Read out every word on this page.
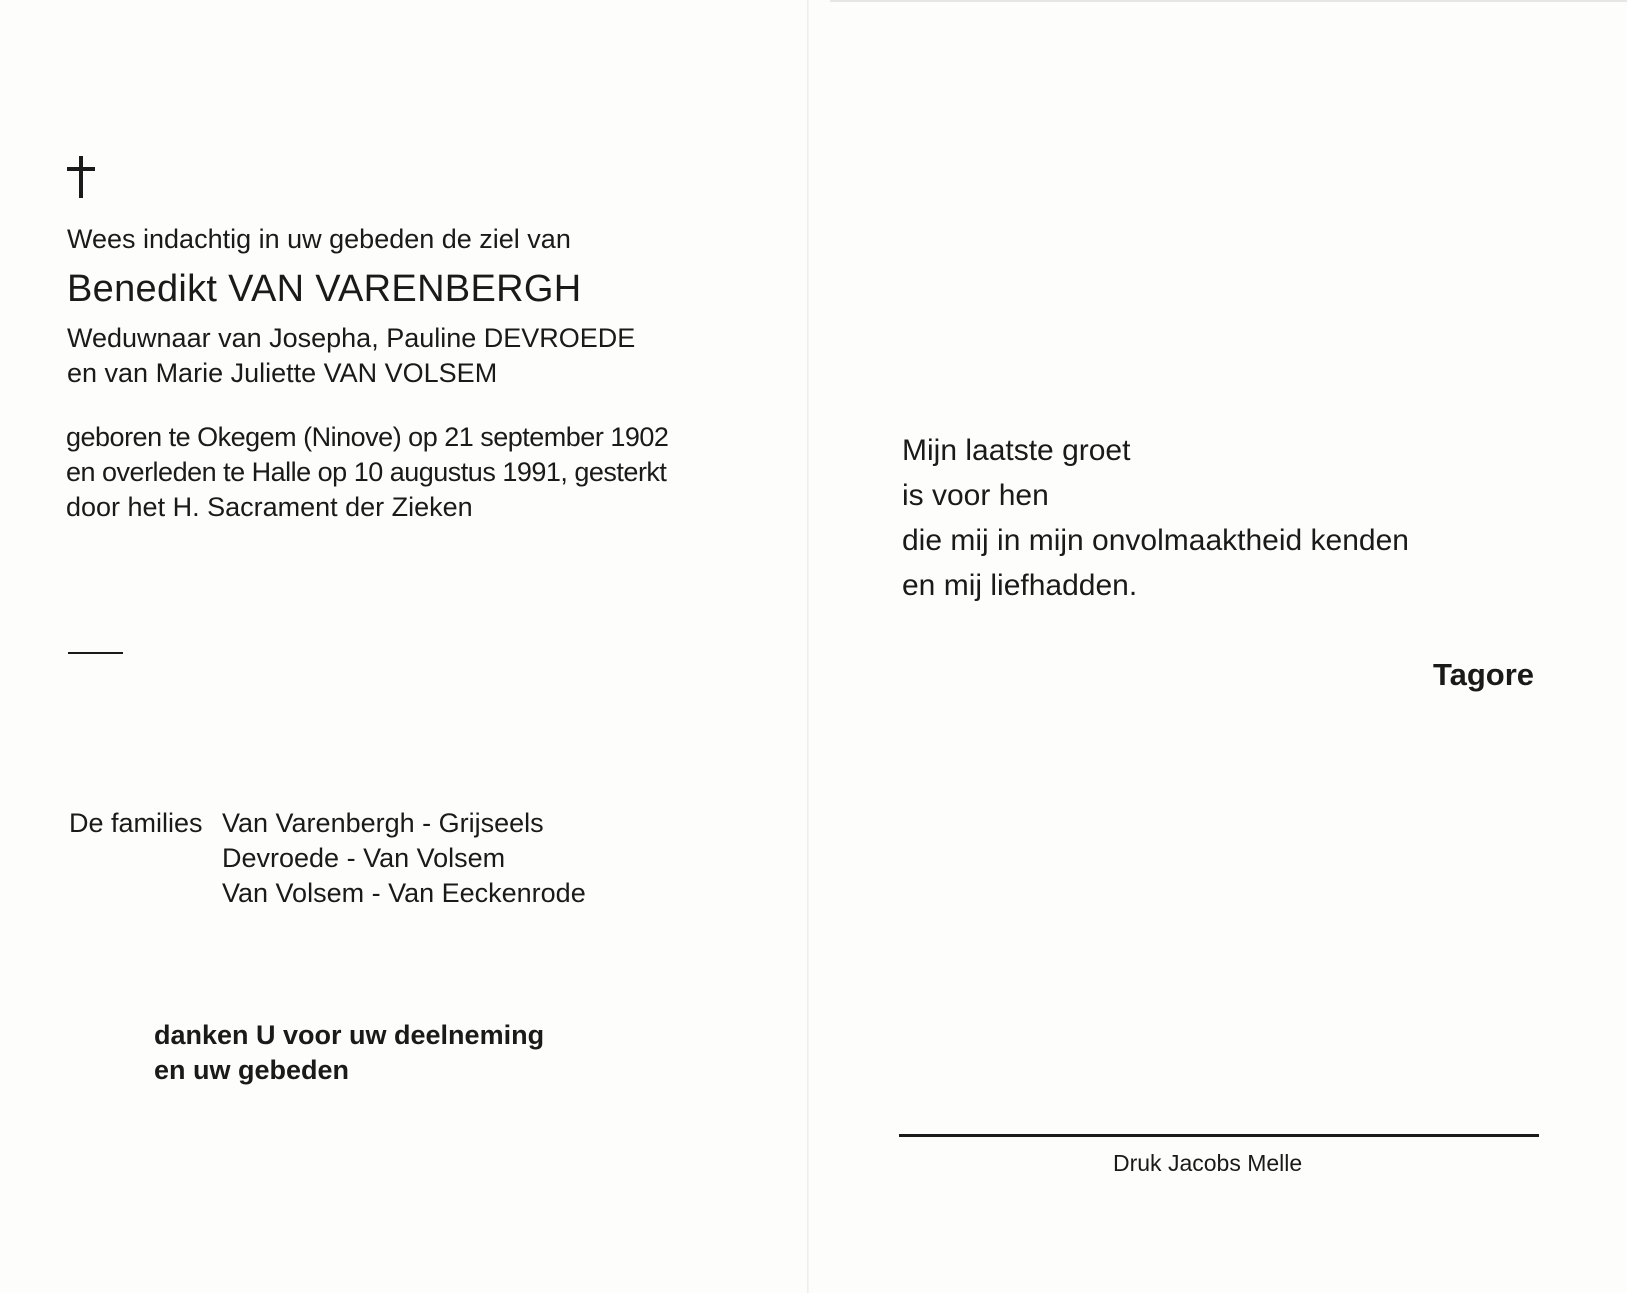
Wees indachtig in uw gebeden de ziel van

Benedikt VAN VARENBERGH

Weduwnaar van Josepha, Pauline DEVROEDE

en van Marie Juliette VAN VOLSEM

geboren te Okegem (Ninove) op 21 september 1902

en overleden te Halle op 10 augustus 1991, gesterkt

door het H. Sacrament der Zieken

De families Van Varenbergh - Grijseels

Devroede - Van Volsem

Van Volsem - Van Eeckenrode

danken U voor uw deelneming

en uw gebeden

Mijn laatste groet

is voor hen

die mij in mijn onvolmaaktheid kenden

en mij liefhadden.

Tagore

Druk Jacobs Melle
